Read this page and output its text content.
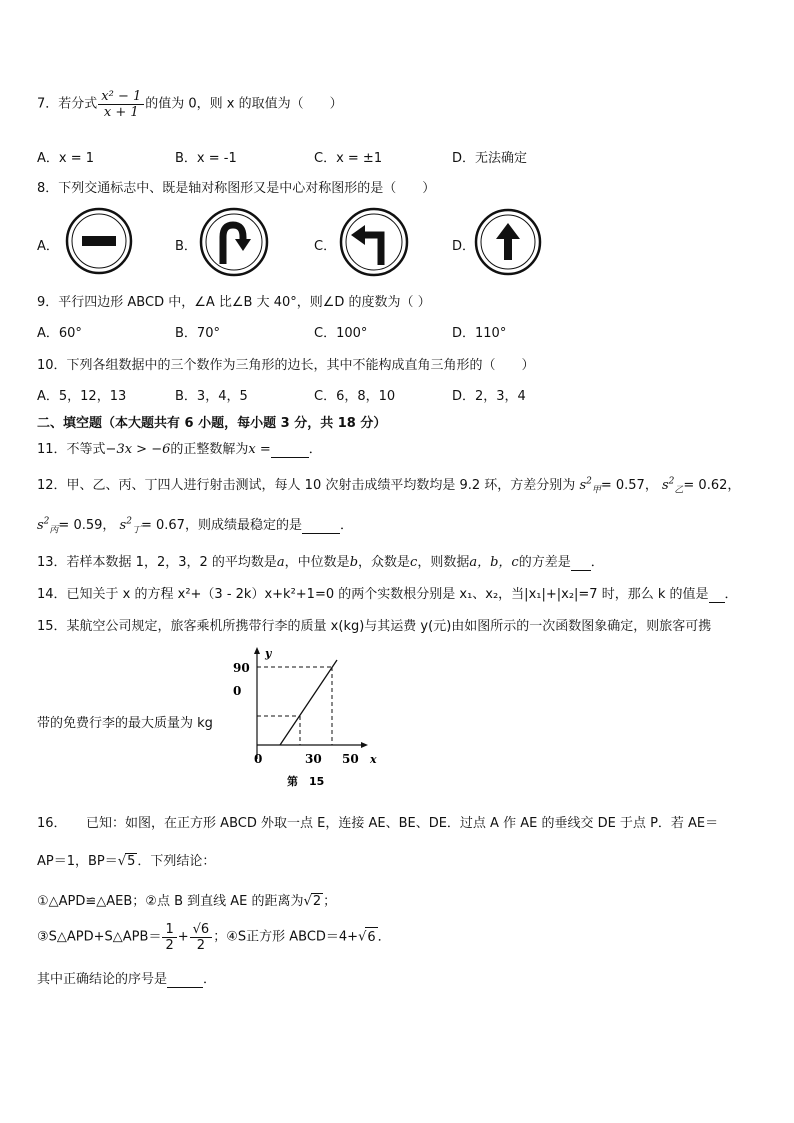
7．若分式 $\frac{\text{x² − 1}}{x + 1}$ 的值为 0，则 x 的取值为（　　）
A．x = 1	B．x = -1	C．x = ±1	D．无法确定
8．下列交通标志中、既是轴对称图形又是中心对称图形的是（　　）
A．	B．	C．	D．
9．平行四边形 ABCD 中，∠A 比∠B 大 40°，则∠D 的度数为（ ）
A．60°	B．70°	C．100°	D．110°
10．下列各组数据中的三个数作为三角形的边长，其中不能构成直角三角形的（　　）
A．5，12，13	B．3，4，5	C．6，8，10	D．2，3，4
二、填空题（本大题共有 6 小题，每小题 3 分，共 18 分）
11．不等式−3x > −6的正整数解为x =	．
12．甲、乙、丙、丁四人进行射击测试，每人 10 次射击成绩平均数均是 9.2 环，方差分别为 $s^2_甲= 0.57$， $s^2_乙= 0.62$，
$s^2_丙= 0.59$， $s^2_丁= 0.67$，则成绩最稳定的是	．
13．若样本数据 1，2，3，2 的平均数是a，中位数是b，众数是c，则数据a，b，c的方差是 ．
14．已知关于 x 的方程 x²+（3 - 2k）x+k²+1=0 的两个实数根分别是 x₁、x₂，当|x₁|+|x₂|=7 时，那么 k 的值是 ．
15．某航空公司规定，旅客乘机所携带行李的质量 x(kg)与其运费 y(元)由如图所示的一次函数图象确定，则旅客可携
带的免费行李的最大质量为 kg
y
90
0
0	30 50 x
第　15
16．　　已知：如图，在正方形 ABCD 外取一点 E，连接 AE、BE、DE．过点 A 作 AE 的垂线交 DE 于点 P．若 AE＝
AP＝1，BP＝√5 ．下列结论：
①△APD≌△AEB；②点 B 到直线 AE 的距离为√2 ；
③S△APD+S△APB＝ $\frac{1}{2} + \frac{√6}{2}$ ；④S正方形 ABCD＝4+√6 ．
其中正确结论的序号是	．
